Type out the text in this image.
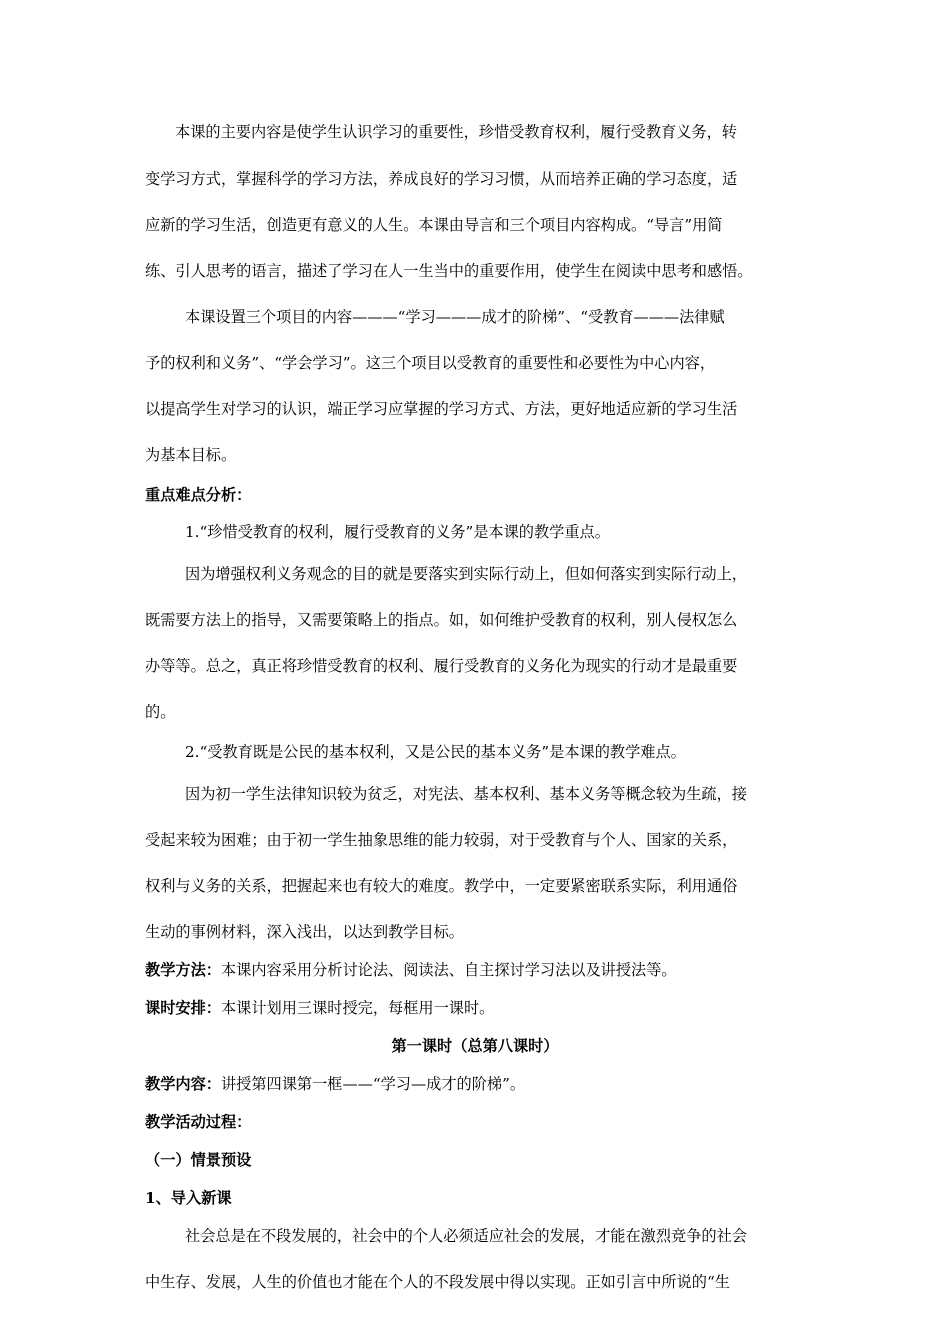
本课的主要内容是使学生认识学习的重要性，珍惜受教育权利，履行受教育义务，转
变学习方式，掌握科学的学习方法，养成良好的学习习惯，从而培养正确的学习态度，适
应新的学习生活，创造更有意义的人生。本课由导言和三个项目内容构成。“导言”用简
练、引人思考的语言，描述了学习在人一生当中的重要作用，使学生在阅读中思考和感悟。
本课设置三个项目的内容———“学习———成才的阶梯”、“受教育———法律赋
予的权利和义务”、“学会学习”。这三个项目以受教育的重要性和必要性为中心内容，
以提高学生对学习的认识，端正学习应掌握的学习方式、方法，更好地适应新的学习生活
为基本目标。
重点难点分析：
1.“珍惜受教育的权利，履行受教育的义务”是本课的教学重点。
因为增强权利义务观念的目的就是要落实到实际行动上，但如何落实到实际行动上，
既需要方法上的指导，又需要策略上的指点。如，如何维护受教育的权利，别人侵权怎么
办等等。总之，真正将珍惜受教育的权利、履行受教育的义务化为现实的行动才是最重要
的。
2.“受教育既是公民的基本权利，又是公民的基本义务”是本课的教学难点。
因为初一学生法律知识较为贫乏，对宪法、基本权利、基本义务等概念较为生疏，接
受起来较为困难；由于初一学生抽象思维的能力较弱，对于受教育与个人、国家的关系，
权利与义务的关系，把握起来也有较大的难度。教学中，一定要紧密联系实际，利用通俗
生动的事例材料，深入浅出，以达到教学目标。
教学方法：本课内容采用分析讨论法、阅读法、自主探讨学习法以及讲授法等。
课时安排：本课计划用三课时授完，每框用一课时。
第一课时（总第八课时）
教学内容：讲授第四课第一框——“学习—成才的阶梯”。
教学活动过程：
（一）情景预设
1、导入新课
社会总是在不段发展的，社会中的个人必须适应社会的发展，才能在激烈竞争的社会
中生存、发展，人生的价值也才能在个人的不段发展中得以实现。正如引言中所说的“生
